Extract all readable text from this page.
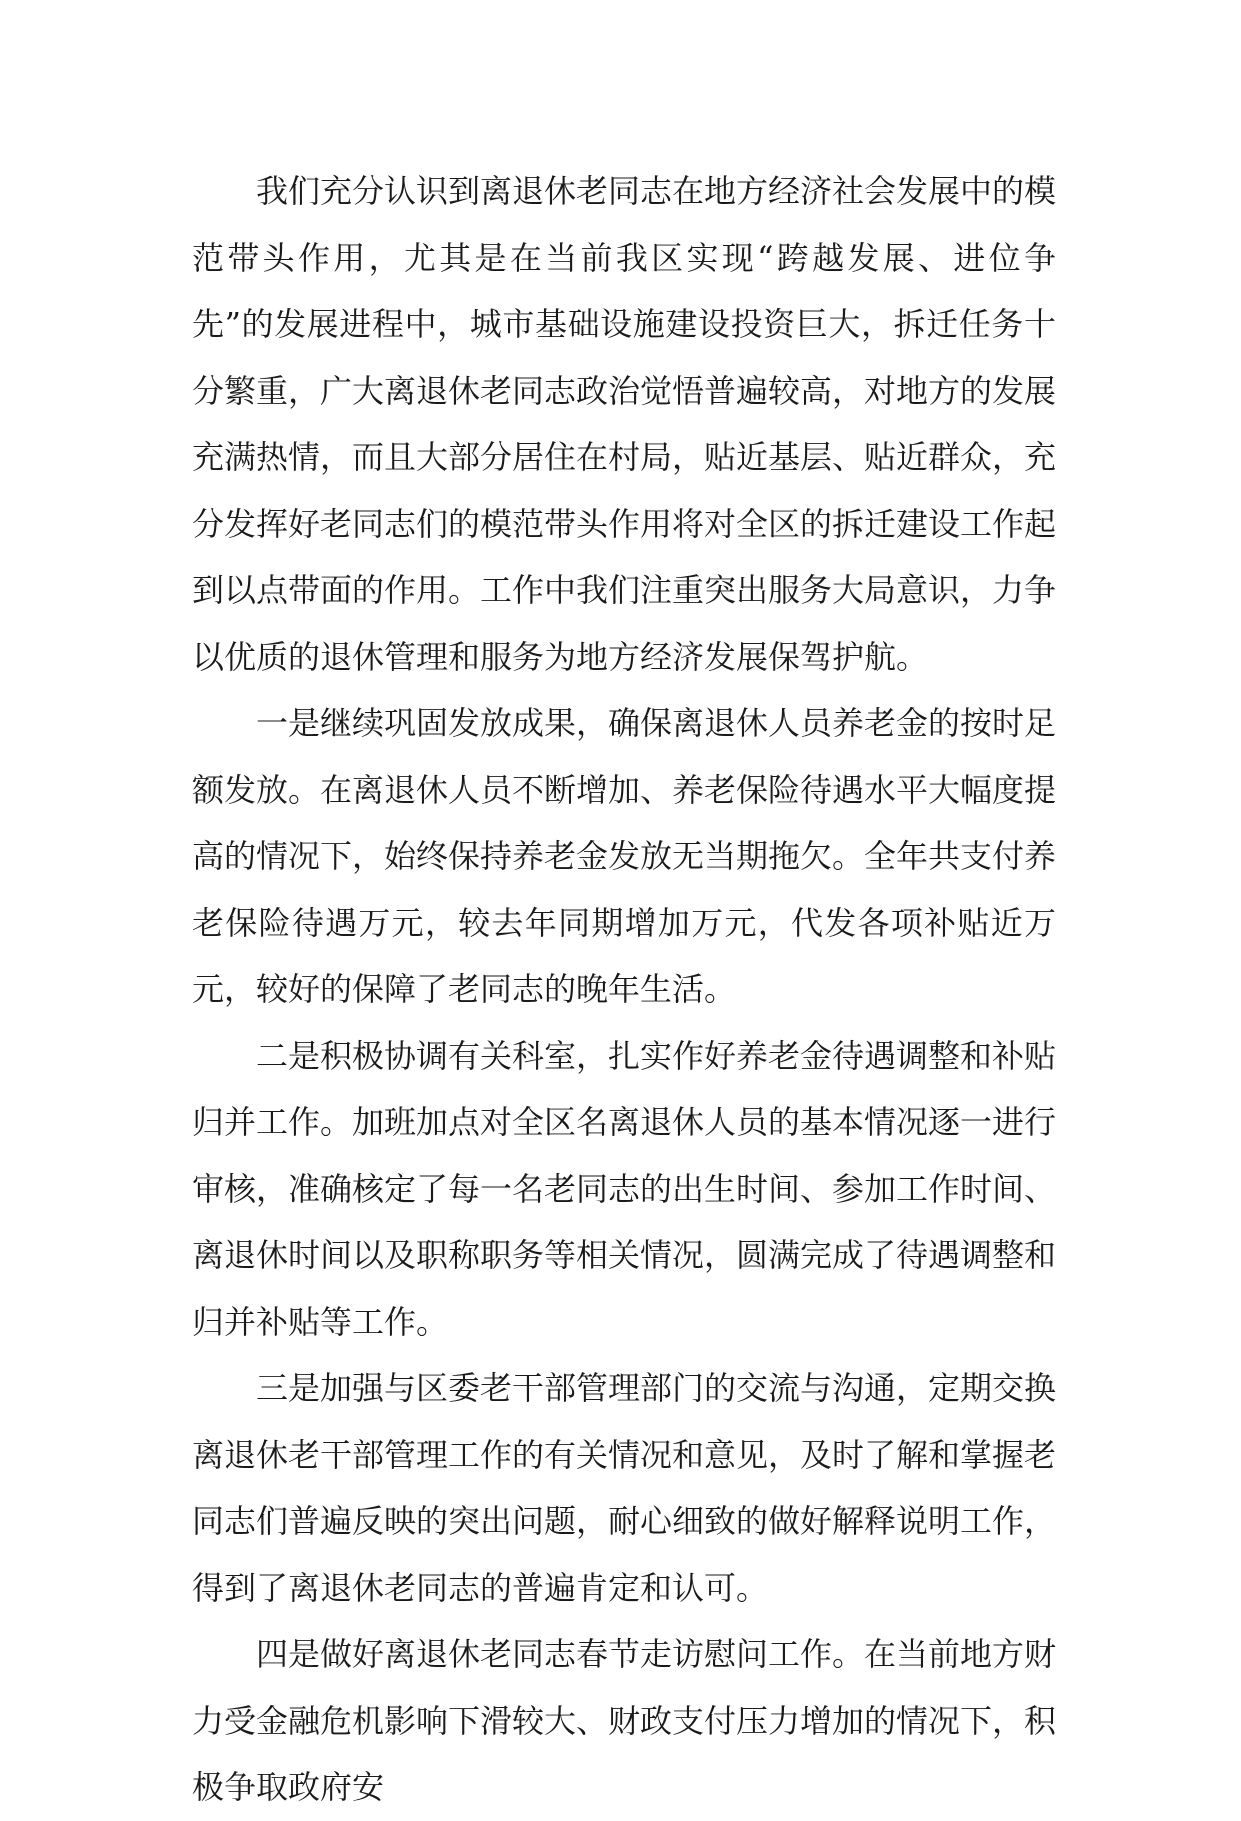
我们充分认识到离退休老同志在地方经济社会发展中的模范带头作用，尤其是在当前我区实现“跨越发展、进位争先”的发展进程中，城市基础设施建设投资巨大，拆迁任务十分繁重，广大离退休老同志政治觉悟普遍较高，对地方的发展充满热情，而且大部分居住在村局，贴近基层、贴近群众，充分发挥好老同志们的模范带头作用将对全区的拆迁建设工作起到以点带面的作用。工作中我们注重突出服务大局意识，力争以优质的退休管理和服务为地方经济发展保驾护航。

一是继续巩固发放成果，确保离退休人员养老金的按时足额发放。在离退休人员不断增加、养老保险待遇水平大幅度提高的情况下，始终保持养老金发放无当期拖欠。全年共支付养老保险待遇万元，较去年同期增加万元，代发各项补贴近万元，较好的保障了老同志的晚年生活。

二是积极协调有关科室，扎实作好养老金待遇调整和补贴归并工作。加班加点对全区名离退休人员的基本情况逐一进行审核，准确核定了每一名老同志的出生时间、参加工作时间、离退休时间以及职称职务等相关情况，圆满完成了待遇调整和归并补贴等工作。

三是加强与区委老干部管理部门的交流与沟通，定期交换离退休老干部管理工作的有关情况和意见，及时了解和掌握老同志们普遍反映的突出问题，耐心细致的做好解释说明工作，得到了离退休老同志的普遍肯定和认可。

四是做好离退休老同志春节走访慰问工作。在当前地方财力受金融危机影响下滑较大、财政支付压力增加的情况下，积极争取政府安
